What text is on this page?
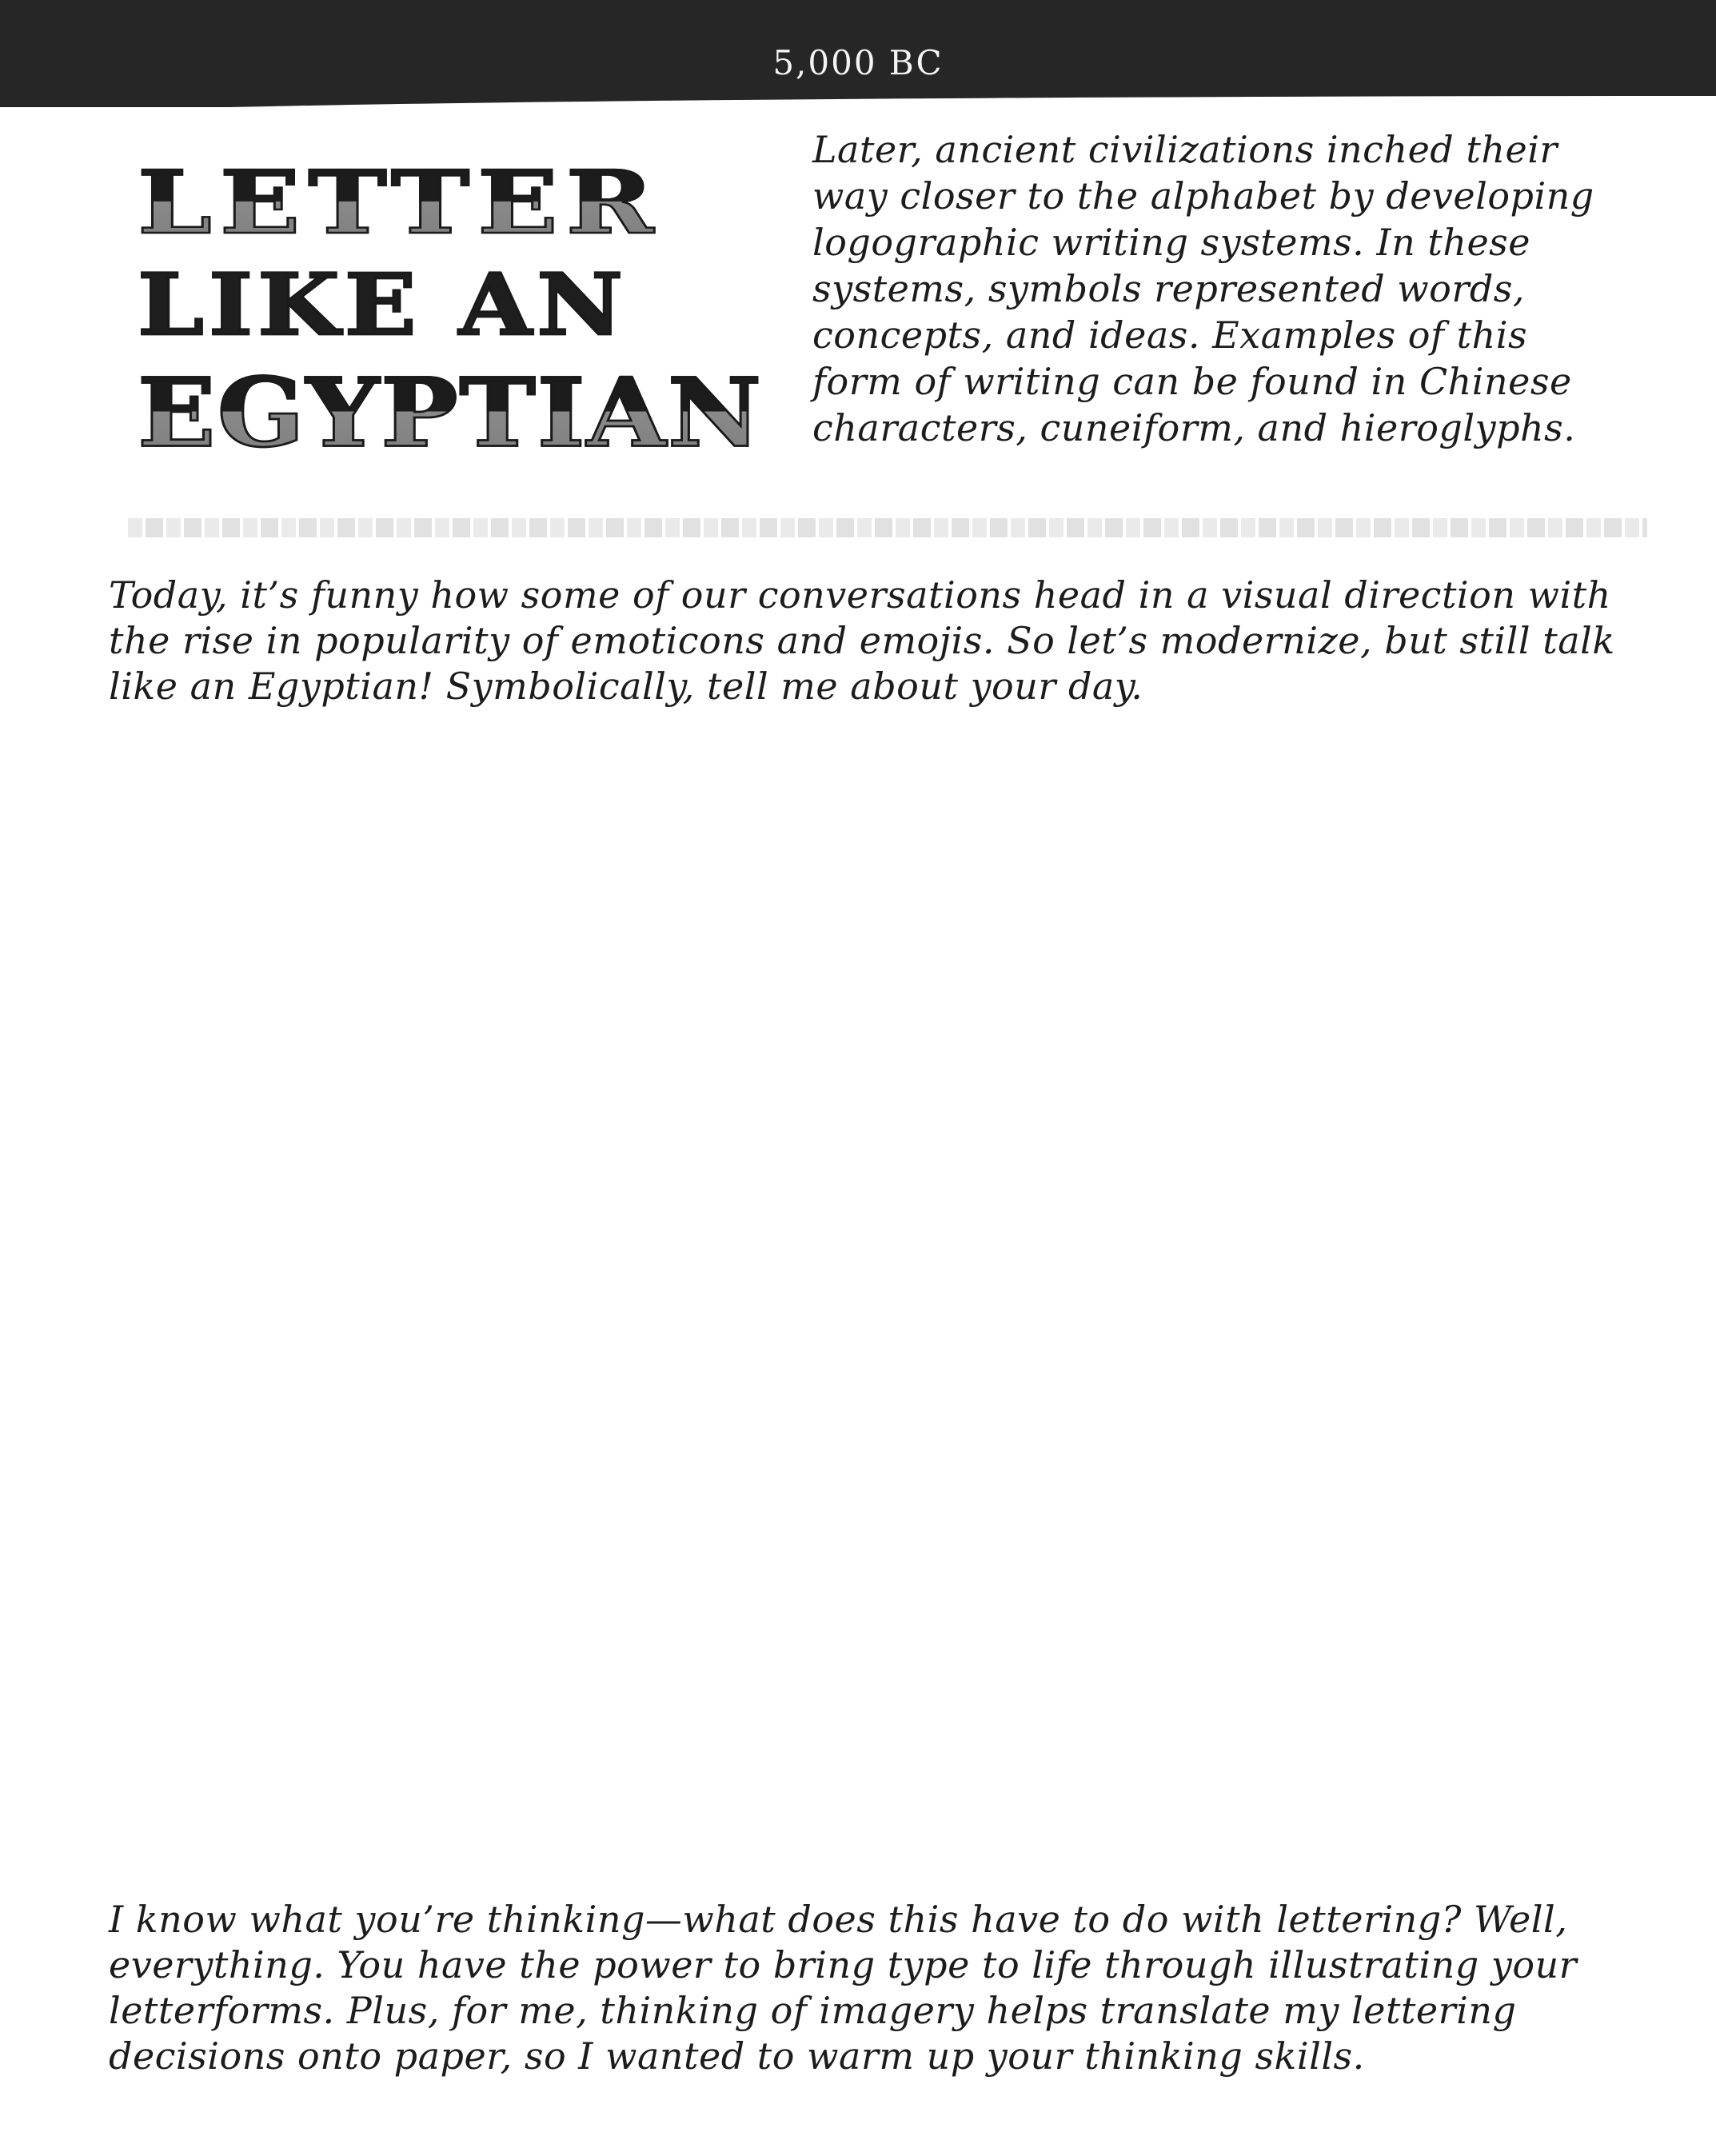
5,000 BC
LETTER
LIKE AN
EGYPTIAN
Later, ancient civilizations inched their way closer to the alphabet by developing logographic writing systems. In these systems, symbols represented words, concepts, and ideas. Examples of this form of writing can be found in Chinese characters, cuneiform, and hieroglyphs.
Today, it’s funny how some of our conversations head in a visual direction with the rise in popularity of emoticons and emojis. So let’s modernize, but still talk like an Egyptian! Symbolically, tell me about your day.
I know what you’re thinking—what does this have to do with lettering? Well, everything. You have the power to bring type to life through illustrating your letterforms. Plus, for me, thinking of imagery helps translate my lettering decisions onto paper, so I wanted to warm up your thinking skills.
